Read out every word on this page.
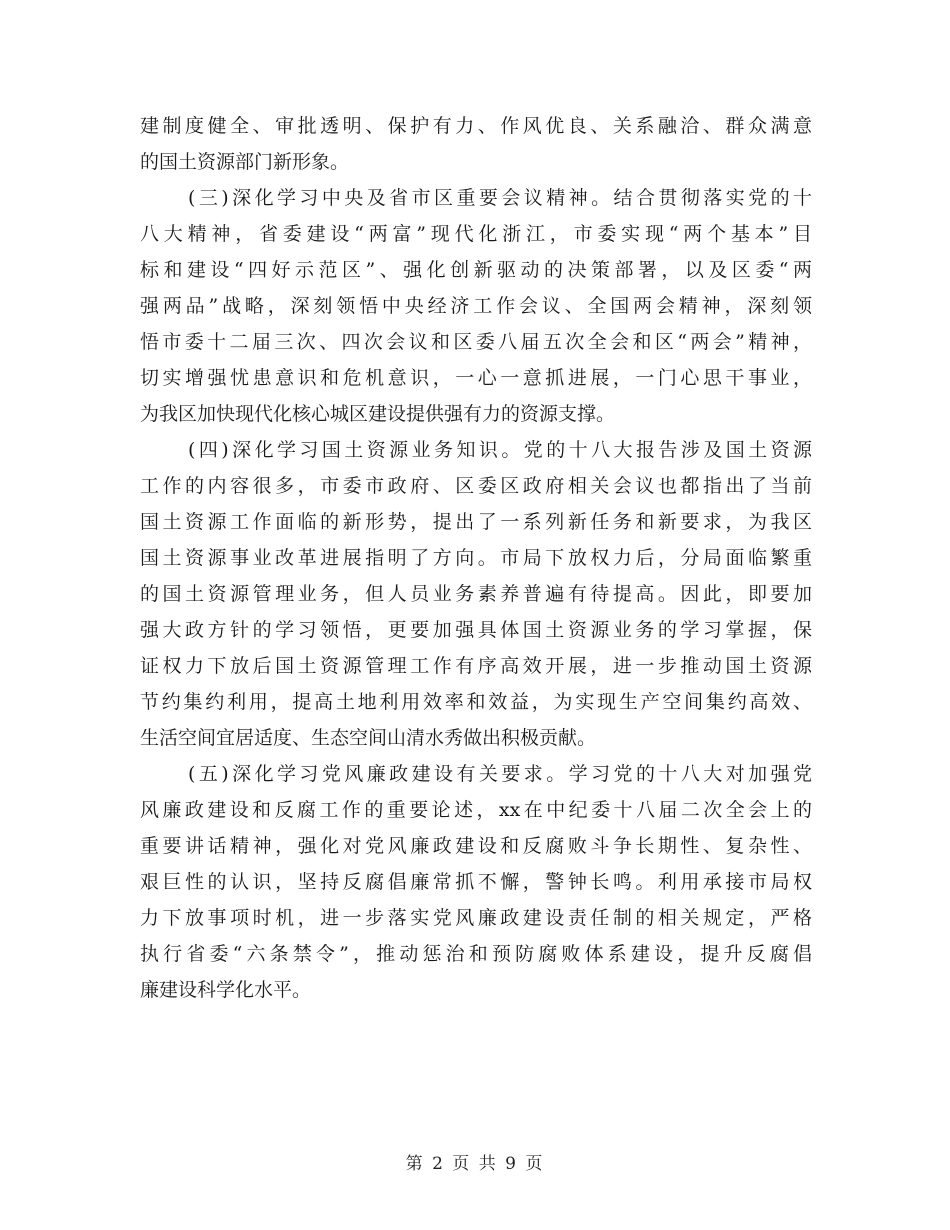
建制度健全、审批透明、保护有力、作风优良、关系融洽、群众满意
的国土资源部门新形象。
(三)深化学习中央及省市区重要会议精神。结合贯彻落实党的十
八大精神，省委建设“两富”现代化浙江，市委实现“两个基本”目
标和建设“四好示范区”、强化创新驱动的决策部署，以及区委“两
强两品”战略，深刻领悟中央经济工作会议、全国两会精神，深刻领
悟市委十二届三次、四次会议和区委八届五次全会和区“两会”精神，
切实增强忧患意识和危机意识，一心一意抓进展，一门心思干事业，
为我区加快现代化核心城区建设提供强有力的资源支撑。
(四)深化学习国土资源业务知识。党的十八大报告涉及国土资源
工作的内容很多，市委市政府、区委区政府相关会议也都指出了当前
国土资源工作面临的新形势，提出了一系列新任务和新要求，为我区
国土资源事业改革进展指明了方向。市局下放权力后，分局面临繁重
的国土资源管理业务，但人员业务素养普遍有待提高。因此，即要加
强大政方针的学习领悟，更要加强具体国土资源业务的学习掌握，保
证权力下放后国土资源管理工作有序高效开展，进一步推动国土资源
节约集约利用，提高土地利用效率和效益，为实现生产空间集约高效、
生活空间宜居适度、生态空间山清水秀做出积极贡献。
(五)深化学习党风廉政建设有关要求。学习党的十八大对加强党
风廉政建设和反腐工作的重要论述，xx在中纪委十八届二次全会上的
重要讲话精神，强化对党风廉政建设和反腐败斗争长期性、复杂性、
艰巨性的认识，坚持反腐倡廉常抓不懈，警钟长鸣。利用承接市局权
力下放事项时机，进一步落实党风廉政建设责任制的相关规定，严格
执行省委“六条禁令”，推动惩治和预防腐败体系建设，提升反腐倡
廉建设科学化水平。
第 2 页 共 9 页
